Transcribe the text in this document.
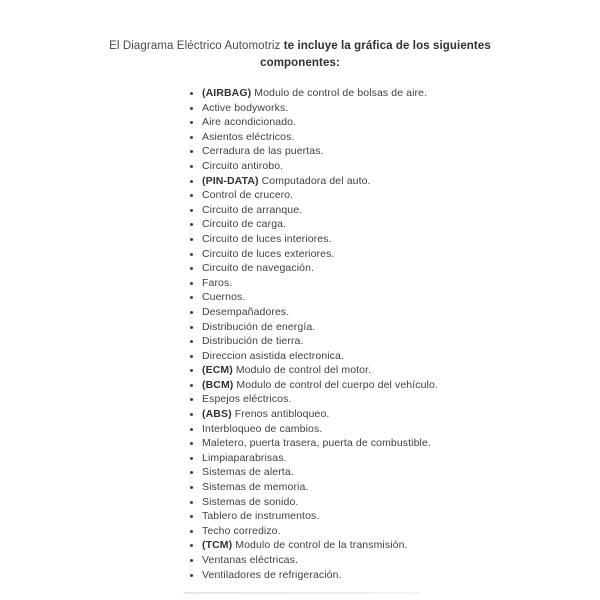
El Diagrama Eléctrico Automotriz te incluye la gráfica de los siguientes componentes:
• (AIRBAG) Modulo de control de bolsas de aire.
• Active bodyworks.
• Aire acondicionado.
• Asientos eléctricos.
• Cerradura de las puertas.
• Circuito antirobo.
• (PIN-DATA) Computadora del auto.
• Control de crucero.
• Circuito de arranque.
• Circuito de carga.
• Circuito de luces interiores.
• Circuito de luces exteriores.
• Circuito de navegación.
• Faros.
• Cuernos.
• Desempañadores.
• Distribución de energía.
• Distribución de tierra.
• Direccion asistida electronica.
• (ECM) Modulo de control del motor.
• (BCM) Modulo de control del cuerpo del vehículo.
• Espejos eléctricos.
• (ABS) Frenos antibloqueo.
• Interbloqueo de cambios.
• Maletero, puerta trasera, puerta de combustible.
• Limpiaparabrisas.
• Sistemas de alerta.
• Sistemas de memoria.
• Sistemas de sonido.
• Tablero de instrumentos.
• Techo corredizo.
• (TCM) Modulo de control de la transmisión.
• Ventanas eléctricas.
• Ventiladores de refrigeración.
